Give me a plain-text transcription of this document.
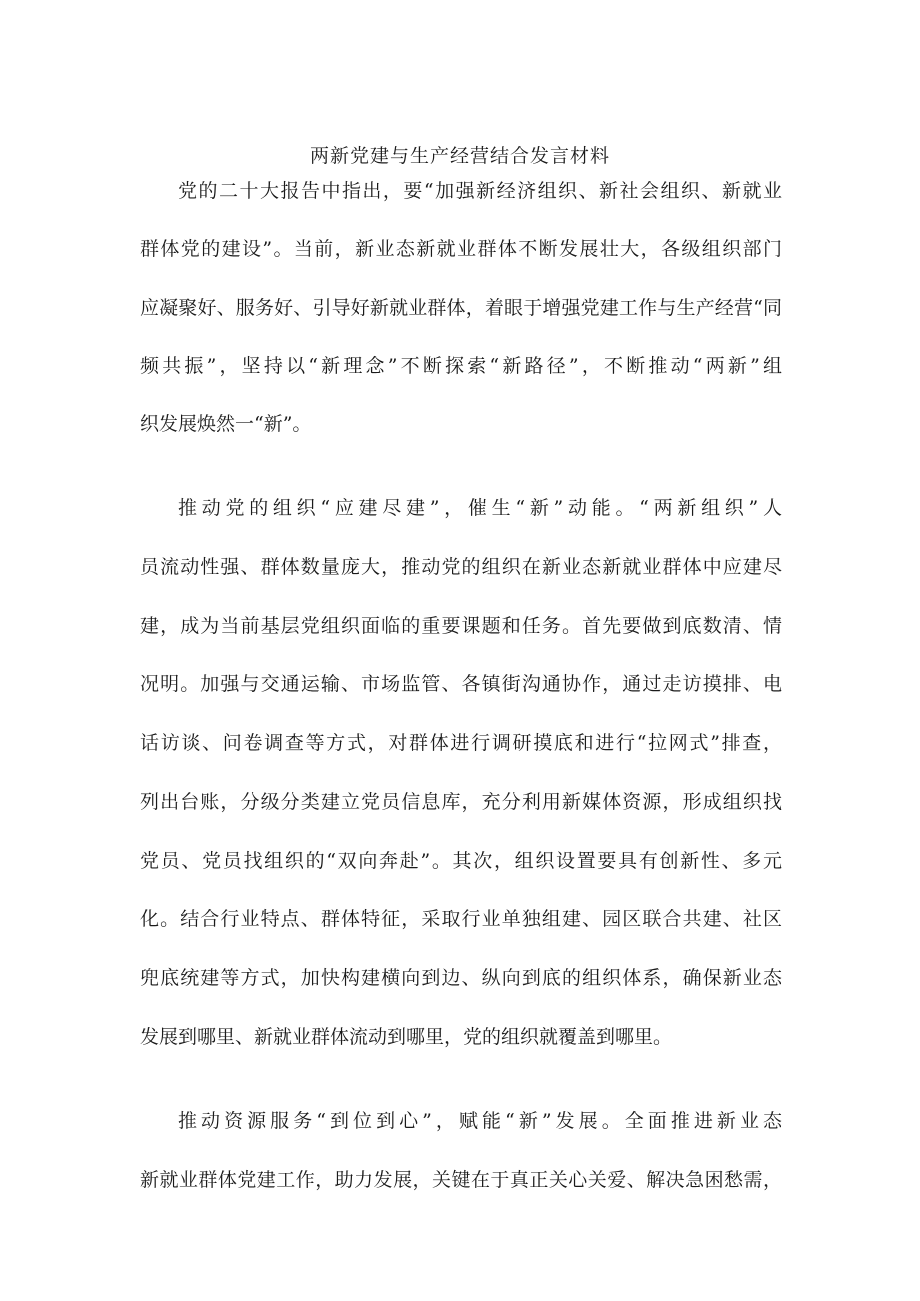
两新党建与生产经营结合发言材料
党的二十大报告中指出，要“加强新经济组织、新社会组织、新就业
群体党的建设”。当前，新业态新就业群体不断发展壮大，各级组织部门
应凝聚好、服务好、引导好新就业群体，着眼于增强党建工作与生产经营“同
频共振”，坚持以“新理念”不断探索“新路径”，不断推动“两新”组
织发展焕然一“新”。
推动党的组织“应建尽建”，催生“新”动能。“两新组织”人
员流动性强、群体数量庞大，推动党的组织在新业态新就业群体中应建尽
建，成为当前基层党组织面临的重要课题和任务。首先要做到底数清、情
况明。加强与交通运输、市场监管、各镇街沟通协作，通过走访摸排、电
话访谈、问卷调查等方式，对群体进行调研摸底和进行“拉网式”排查，
列出台账，分级分类建立党员信息库，充分利用新媒体资源，形成组织找
党员、党员找组织的“双向奔赴”。其次，组织设置要具有创新性、多元
化。结合行业特点、群体特征，采取行业单独组建、园区联合共建、社区
兜底统建等方式，加快构建横向到边、纵向到底的组织体系，确保新业态
发展到哪里、新就业群体流动到哪里，党的组织就覆盖到哪里。
推动资源服务“到位到心”，赋能“新”发展。全面推进新业态
新就业群体党建工作，助力发展，关键在于真正关心关爱、解决急困愁需，
